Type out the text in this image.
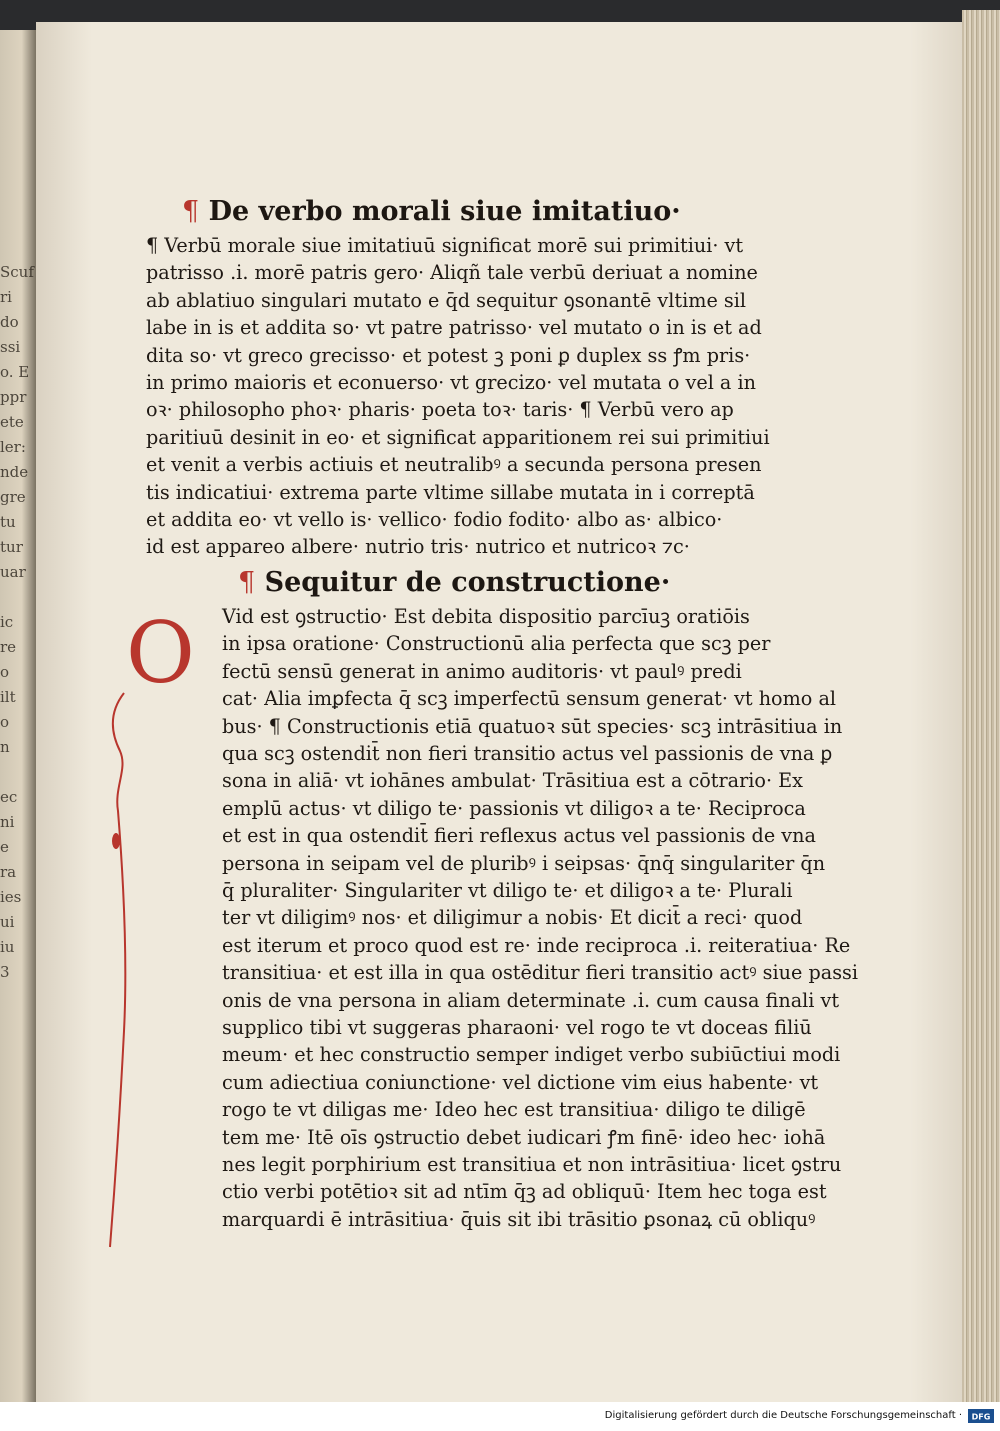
Scuf
ri
do
ssi
o. E
ppr
ete
ler:
nde
gre
tu
tur
uar

ic
re
o
ilt
o
n

ec
ni
e
ra
ies
ui
iu
3

¶ De verbo morali siue imitatiuo·

¶ Verbū morale siue imitatiuū significat morē sui primitiui· vt
patrisso .i. morē patris gero· Aliqñ tale verbū deriuat a nomine
ab ablatiuo singulari mutato e q̄d sequitur ꝯsonantē vltime sil
labe in is et addita so· vt patre patrisso· vel mutato o in is et ad
dita so· vt greco grecisso· et potest ꝫ poni ꝑ duplex ss ꝭm pris·
in primo maioris et econuerso· vt grecizo· vel mutata o vel a in
oꝛ· philosopho phoꝛ· pharis· poeta toꝛ· taris· ¶ Verbū vero ap
paritiuū desinit in eo· et significat apparitionem rei sui primitiui
et venit a verbis actiuis et neutralibꝰ a secunda persona presen
tis indicatiui· extrema parte vltime sillabe mutata in i correptā
et addita eo· vt vello is· vellico· fodio fodito· albo as· albico·
id est appareo albere· nutrio tris· nutrico et nutricoꝛ ⁊c·

¶ Sequitur de constructione·

O	Vid est ꝯstructio· Est debita dispositio parcīuꝫ oratiōis
in ipsa oratione· Constructionū alia perfecta que scꝫ per
fectū sensū generat in animo auditoris· vt paulꝰ predi
cat· Alia imꝑfecta q̄ scꝫ imperfectū sensum generat· vt homo al
bus· ¶ Constructionis etiā quatuoꝛ sūt species· scꝫ intrāsitiua in
qua scꝫ ostendit̄ non fieri transitio actus vel passionis de vna ꝑ
sona in aliā· vt iohānes ambulat· Trāsitiua est a cōtrario· Ex
emplū actus· vt diligo te· passionis vt diligoꝛ a te· Reciproca
et est in qua ostendit̄ fieri reflexus actus vel passionis de vna
persona in seipam vel de pluribꝰ i seipsas· q̄nq̄ singulariter q̄n
q̄ pluraliter· Singulariter vt diligo te· et diligoꝛ a te· Plurali
ter vt diligimꝰ nos· et diligimur a nobis· Et dicit̄ a reci· quod
est iterum et proco quod est re· inde reciproca .i. reiteratiua· Re
transitiua· et est illa in qua ostēditur fieri transitio actꝰ siue passi
onis de vna persona in aliam determinate .i. cum causa finali vt
supplico tibi vt suggeras pharaoni· vel rogo te vt doceas filiū
meum· et hec constructio semper indiget verbo subiūctiui modi
cum adiectiua coniunctione· vel dictione vim eius habente· vt
rogo te vt diligas me· Ideo hec est transitiua· diligo te diligē
tem me· Itē oīs ꝯstructio debet iudicari ꝭm finē· ideo hec· iohā
nes legit porphirium est transitiua et non intrāsitiua· licet ꝯstru
ctio verbi potētioꝛ sit ad ntīm q̄ꝫ ad obliquū· Item hec toga est
marquardi ē intrāsitiua· q̄uis sit ibi trāsitio ꝑsonaꝝ cū obliquꝰ
Digitalisierung gefördert durch die Deutsche Forschungsgemeinschaft · DFG
